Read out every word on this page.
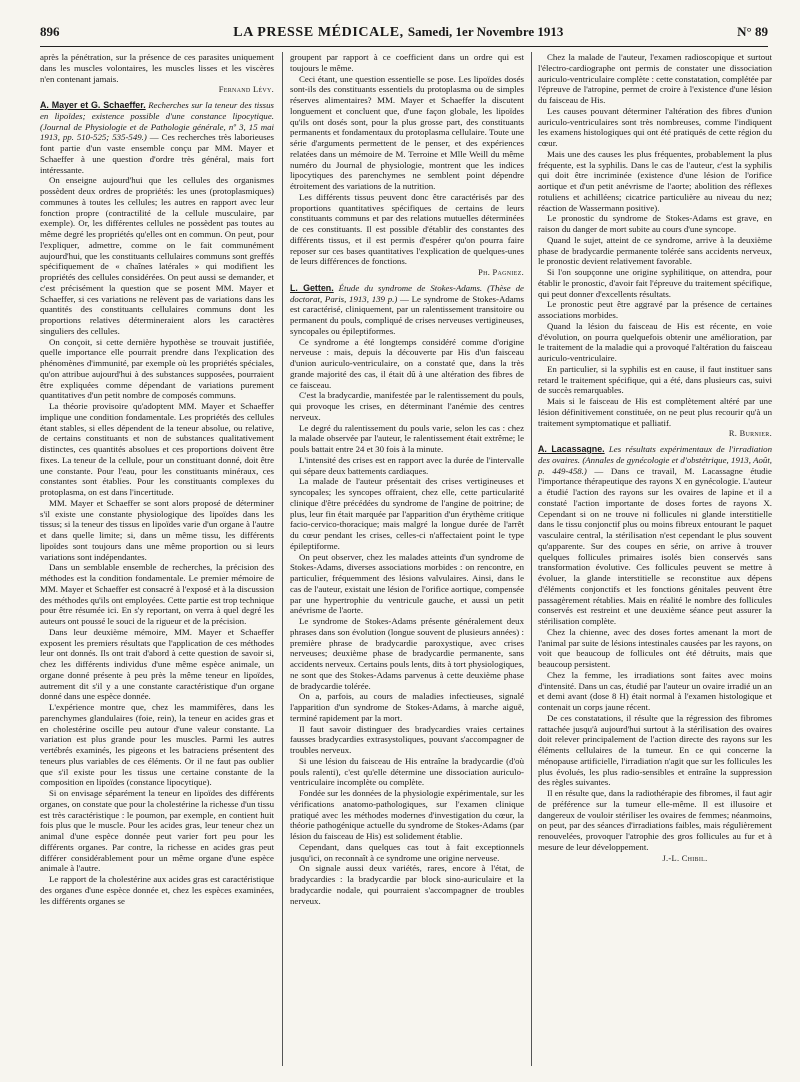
896	LA PRESSE MÉDICALE, Samedi, 1er Novembre 1913	N° 89

après la pénétration, sur la présence de ces parasites uniquement dans les muscles volontaires, les muscles lisses et les viscères n'en contenant jamais.

Fernand Lévy.

A. Mayer et G. Schaeffer. Recherches sur la teneur des tissus en lipoïdes; existence possible d'une constance lipocytique. (Journal de Physiologie et de Pathologie générale, nº 3, 15 mai 1913, pp. 510-525; 535-549.) — Ces recherches très laborieuses font partie d'un vaste ensemble conçu par MM. Mayer et Schaeffer à une question d'ordre très général, mais fort intéressante.

On enseigne aujourd'hui que les cellules des organismes possèdent deux ordres de propriétés: les unes (protoplasmiques) communes à toutes les cellules; les autres en rapport avec leur fonction propre (contractilité de la cellule musculaire, par exemple). Or, les différentes cellules ne possèdent pas toutes au même degré les propriétés qu'elles ont en commun. On peut, pour l'expliquer, admettre, comme on le fait communément aujourd'hui, que les constituants cellulaires communs sont greffés spécifiquement de « chaînes latérales » qui modifient les propriétés des cellules considérées. On peut aussi se demander, et c'est précisément la question que se posent MM. Mayer et Schaeffer, si ces variations ne relèvent pas de variations dans les quantités des constituants cellulaires communs dont les proportions relatives détermineraient alors les caractères singuliers des cellules.

On conçoit, si cette dernière hypothèse se trouvait justifiée, quelle importance elle pourrait prendre dans l'explication des phénomènes d'immunité, par exemple où les propriétés spéciales, qu'on attribue aujourd'hui à des substances supposées, pourraient être expliquées comme dépendant de variations purement quantitatives d'un petit nombre de composés communs.

La théorie provisoire qu'adoptent MM. Mayer et Schaeffer implique une condition fondamentale. Les propriétés des cellules étant stables, si elles dépendent de la teneur absolue, ou relative, de certains constituants et non de substances qualitativement distinctes, ces quantités absolues et ces proportions doivent être fixes. La teneur de la cellule, pour un constituant donné, doit être une constante. Pour l'eau, pour les constituants minéraux, ces constantes sont établies. Pour les constituants complexes du protoplasma, on est dans l'incertitude.

MM. Mayer et Schaeffer se sont alors proposé de déterminer s'il existe une constante physiologique des lipoïdes dans les tissus; si la teneur des tissus en lipoïdes varie d'un organe à l'autre et dans quelle limite; si, dans un même tissu, les différents lipoïdes sont toujours dans une même proportion ou si leurs variations sont indépendantes.

Dans un semblable ensemble de recherches, la précision des méthodes est la condition fondamentale. Le premier mémoire de MM. Mayer et Schaeffer est consacré à l'exposé et à la discussion des méthodes qu'ils ont employées. Cette partie est trop technique pour être résumée ici. En s'y reportant, on verra à quel degré les auteurs ont poussé le souci de la rigueur et de la précision.

Dans leur deuxième mémoire, MM. Mayer et Schaeffer exposent les premiers résultats que l'application de ces méthodes leur ont donnés. Ils ont trait d'abord à cette question de savoir si, chez les différents individus d'une même espèce animale, un organe donné présente à peu près la même teneur en lipoïdes, autrement dit s'il y a une constante caractéristique d'un organe donné dans une espèce donnée.

L'expérience montre que, chez les mammifères, dans les parenchymes glandulaires (foie, rein), la teneur en acides gras et en cholestérine oscille peu autour d'une valeur constante. La variation est plus grande pour les muscles. Parmi les autres vertébrés examinés, les pigeons et les batraciens présentent des teneurs plus variables de ces éléments. Or il ne faut pas oublier que s'il existe pour les tissus une certaine constante de la composition en lipoïdes (constance lipocytique).

Si on envisage séparément la teneur en lipoïdes des différents organes, on constate que pour la cholestérine la richesse d'un tissu est très caractéristique : le poumon, par exemple, en contient huit fois plus que le muscle. Pour les acides gras, leur teneur chez un animal d'une espèce donnée peut varier fort peu pour les différents organes. Par contre, la richesse en acides gras peut différer considérablement pour un même organe d'une espèce animale à l'autre.

Le rapport de la cholestérine aux acides gras est caractéristique des organes d'une espèce donnée et, chez les espèces examinées, les différents organes se

groupent par rapport à ce coefficient dans un ordre qui est toujours le même.

Ceci étant, une question essentielle se pose. Les lipoïdes dosés sont-ils des constituants essentiels du protoplasma ou de simples réserves alimentaires? MM. Mayer et Schaeffer la discutent longuement et concluent que, d'une façon globale, les lipoïdes qu'ils ont dosés sont, pour la plus grosse part, des constituants permanents et fondamentaux du protoplasma cellulaire. Toute une série d'arguments permettent de le penser, et des expériences relatées dans un mémoire de M. Terroine et Mlle Weill du même numéro du Journal de physiologie, montrent que les indices lipocytiques des parenchymes ne semblent point dépendre étroitement des variations de la nutrition.

Les différents tissus peuvent donc être caractérisés par des proportions quantitatives spécifiques de certains de leurs constituants communs et par des relations mutuelles déterminées de ces constituants. Il est possible d'établir des constantes des différents tissus, et il est permis d'espérer qu'on pourra faire reposer sur ces bases quantitatives l'explication de quelques-unes de leurs différences de fonctions.

Ph. Pagniez.

L. Getten. Étude du syndrome de Stokes-Adams. (Thèse de doctorat, Paris, 1913, 139 p.) — Le syndrome de Stokes-Adams est caractérisé, cliniquement, par un ralentissement transitoire ou permanent du pouls, compliqué de crises nerveuses vertigineuses, syncopales ou épileptiformes.

Ce syndrome a été longtemps considéré comme d'origine nerveuse : mais, depuis la découverte par His d'un faisceau d'union auriculo-ventriculaire, on a constaté que, dans la très grande majorité des cas, il était dû à une altération des fibres de ce faisceau.

C'est la bradycardie, manifestée par le ralentissement du pouls, qui provoque les crises, en déterminant l'anémie des centres nerveux.

Le degré du ralentissement du pouls varie, selon les cas : chez la malade observée par l'auteur, le ralentissement était extrême; le pouls battait entre 24 et 30 fois à la minute.

L'intensité des crises est en rapport avec la durée de l'intervalle qui sépare deux battements cardiaques.

La malade de l'auteur présentait des crises vertigineuses et syncopales; les syncopes offraient, chez elle, cette particularité clinique d'être précédées du syndrome de l'angine de poitrine; de plus, leur fin était marquée par l'apparition d'un érythème critique facio-cervico-thoracique; mais malgré la longue durée de l'arrêt du cœur pendant les crises, celles-ci n'affectaient point le type épileptiforme.

On peut observer, chez les malades atteints d'un syndrome de Stokes-Adams, diverses associations morbides : on rencontre, en particulier, fréquemment des lésions valvulaires. Ainsi, dans le cas de l'auteur, existait une lésion de l'orifice aortique, compensée par une hypertrophie du ventricule gauche, et aussi un petit anévrisme de l'aorte.

Le syndrome de Stokes-Adams présente généralement deux phrases dans son évolution (longue souvent de plusieurs années) : première phrase de bradycardie paroxystique, avec crises nerveuses; deuxième phase de bradycardie permanente, sans accidents nerveux. Certains pouls lents, dits à tort physiologiques, ne sont que des Stokes-Adams parvenus à cette deuxième phase de bradycardie tolérée.

On a, parfois, au cours de maladies infectieuses, signalé l'apparition d'un syndrome de Stokes-Adams, à marche aiguë, terminé rapidement par la mort.

Il faut savoir distinguer des bradycardies vraies certaines fausses bradycardies extrasystoliques, pouvant s'accompagner de troubles nerveux.

Si une lésion du faisceau de His entraîne la bradycardie (d'où pouls ralenti), c'est qu'elle détermine une dissociation auriculo-ventriculaire incomplète ou complète.

Fondée sur les données de la physiologie expérimentale, sur les vérifications anatomo-pathologiques, sur l'examen clinique pratiqué avec les méthodes modernes d'investigation du cœur, la théorie pathogénique actuelle du syndrome de Stokes-Adams (par lésion du faisceau de His) est solidement établie.

Cependant, dans quelques cas tout à fait exceptionnels jusqu'ici, on reconnaît à ce syndrome une origine nerveuse.

On signale aussi deux variétés, rares, encore à l'état, de bradycardies : la bradycardie par block sino-auriculaire et la bradycardie nodale, qui pourraient s'accompagner de troubles nerveux.

Chez la malade de l'auteur, l'examen radioscopique et surtout l'électro-cardiographe ont permis de constater une dissociation auriculo-ventriculaire complète : cette constatation, complétée par l'épreuve de l'atropine, permet de croire à l'existence d'une lésion du faisceau de His.

Les causes pouvant déterminer l'altération des fibres d'union auriculo-ventriculaires sont très nombreuses, comme l'indiquent les examens histologiques qui ont été pratiqués de cette région du cœur.

Mais une des causes les plus fréquentes, probablement la plus fréquente, est la syphilis. Dans le cas de l'auteur, c'est la syphilis qui doit être incriminée (existence d'une lésion de l'orifice aortique et d'un petit anévrisme de l'aorte; abolition des réflexes rotuliens et achilléens; cicatrice particulière au niveau du nez; réaction de Wassermann positive).

Le pronostic du syndrome de Stokes-Adams est grave, en raison du danger de mort subite au cours d'une syncope.

Quand le sujet, atteint de ce syndrome, arrive à la deuxième phase de bradycardie permanente tolérée sans accidents nerveux, le pronostic devient relativement favorable.

Si l'on soupçonne une origine syphilitique, on attendra, pour établir le pronostic, d'avoir fait l'épreuve du traitement spécifique, qui peut donner d'excellents résultats.

Le pronostic peut être aggravé par la présence de certaines associations morbides.

Quand la lésion du faisceau de His est récente, en voie d'évolution, on pourra quelquefois obtenir une amélioration, par le traitement de la maladie qui a provoqué l'altération du faisceau auriculo-ventriculaire.

En particulier, si la syphilis est en cause, il faut instituer sans retard le traitement spécifique, qui a été, dans plusieurs cas, suivi de succès remarquables.

Mais si le faisceau de His est complètement altéré par une lésion définitivement constituée, on ne peut plus recourir qu'à un traitement symptomatique et palliatif.

R. Burnier.

A. Lacassagne. Les résultats expérimentaux de l'irradiation des ovaires. (Annales de gynécologie et d'obstétrique, 1913, Août, p. 449-458.) — Dans ce travail, M. Lacassagne étudie l'importance thérapeutique des rayons X en gynécologie. L'auteur a étudié l'action des rayons sur les ovaires de lapine et il a constaté l'action importante de doses fortes de rayons X. Cependant si on ne trouve ni follicules ni glande interstitielle dans le tissu conjonctif plus ou moins fibreux entourant le paquet vasculaire central, la stérilisation n'est cependant le plus souvent qu'apparente. Sur des coupes en série, on arrive à trouver quelques follicules primaires isolés bien conservés sans transformation évolutive. Ces follicules peuvent se mettre à évoluer, la glande interstitielle se reconstitue aux dépens d'éléments conjonctifs et les fonctions génitales peuvent être passagèrement rétablies. Mais en réalité le nombre des follicules conservés est restreint et une deuxième séance peut assurer la stérilisation complète.

Chez la chienne, avec des doses fortes amenant la mort de l'animal par suite de lésions intestinales causées par les rayons, on voit que beaucoup de follicules ont été détruits, mais que beaucoup persistent.

Chez la femme, les irradiations sont faites avec moins d'intensité. Dans un cas, étudié par l'auteur un ovaire irradié un an et demi avant (dose 8 H) était normal à l'examen histologique et contenait un corps jaune récent.

De ces constatations, il résulte que la régression des fibromes rattachée jusqu'à aujourd'hui surtout à la stérilisation des ovaires doit relever principalement de l'action directe des rayons sur les éléments cellulaires de la tumeur. En ce qui concerne la ménopause artificielle, l'irradiation n'agit que sur les follicules les plus évolués, les plus radio-sensibles et entraîne la suppression des règles suivantes.

Il en résulte que, dans la radiothérapie des fibromes, il faut agir de préférence sur la tumeur elle-même. Il est illusoire et dangereux de vouloir stériliser les ovaires de femmes; néanmoins, on peut, par des séances d'irradiations faibles, mais régulièrement renouvelées, provoquer l'atrophie des gros follicules au fur et à mesure de leur développement.

J.-L. Chibil.
